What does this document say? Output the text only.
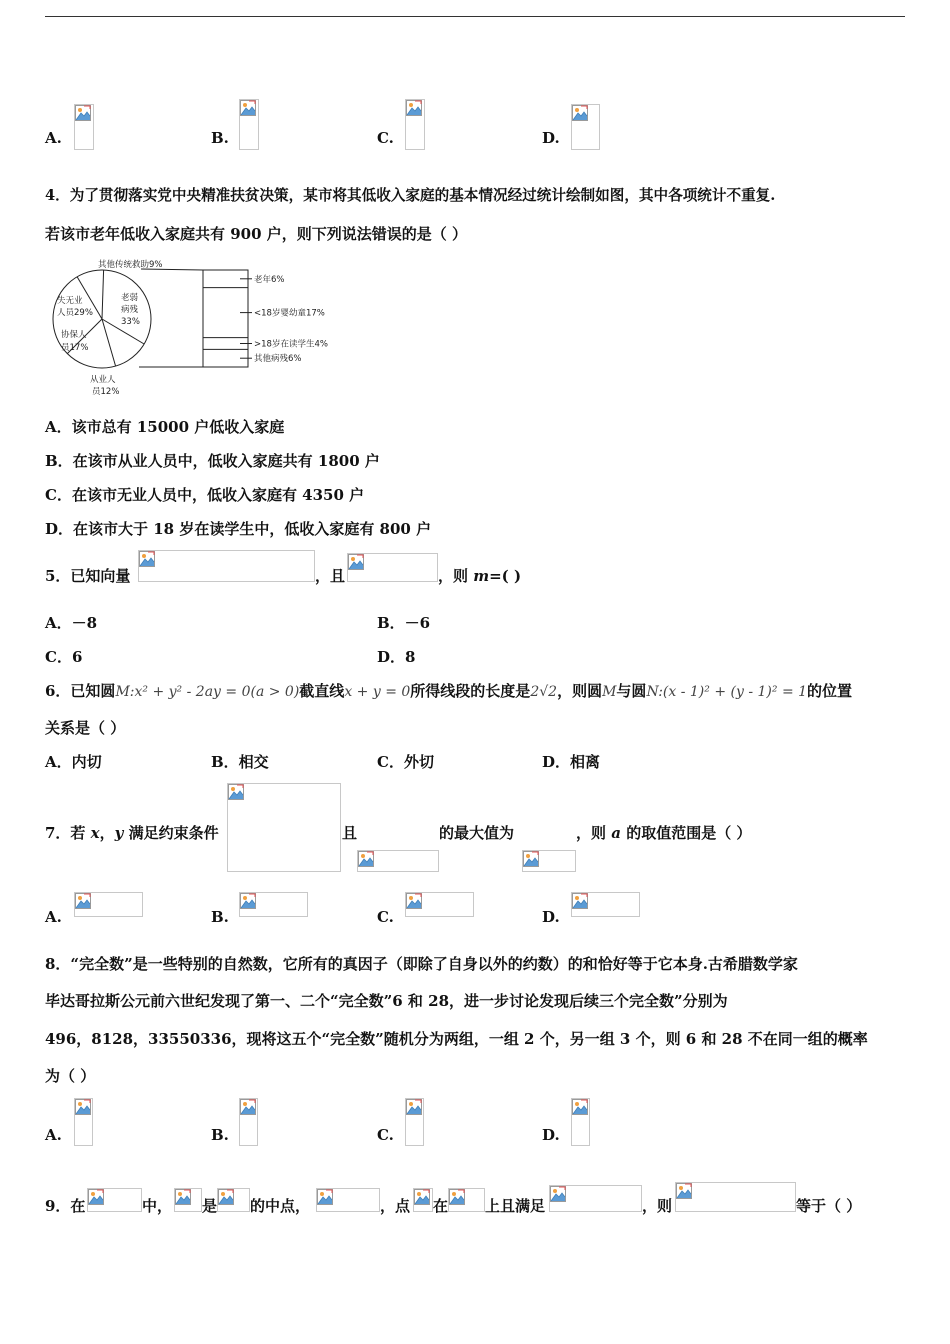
A.	B.	C.	D.
4．为了贯彻落实党中央精准扶贫决策，某市将其低收入家庭的基本情况经过统计绘制如图，其中各项统计不重复.
若该市老年低收入家庭共有 900 户，则下列说法错误的是（ ）
其他传统救助9%
老弱
病残
33%
失无业
人员29%
协保人
员17%
从业人
员12%
老年6%
<18岁婴幼童17%
>18岁在读学生4%
其他病残6%
A．该市总有 15000 户低收入家庭
B．在该市从业人员中，低收入家庭共有 1800 户
C．在该市无业人员中，低收入家庭有 4350 户
D．在该市大于 18 岁在读学生中，低收入家庭有 800 户
5．已知向量	，且	，则 m=( )
A．－8	B．－6
C．6	D．8
6．已知圆M:x² + y² - 2ay = 0(a > 0)截直线x + y = 0所得线段的长度是2√2，则圆M与圆N:(x - 1)² + (y - 1)² = 1的位置
关系是（ ）
A．内切	B．相交	C．外切	D．相离
7．若 x，y 满足约束条件	且	的最大值为	，则 a 的取值范围是（ ）
A.	B.	C.	D.
8．“完全数”是一些特别的自然数，它所有的真因子（即除了自身以外的约数）的和恰好等于它本身.古希腊数学家
毕达哥拉斯公元前六世纪发现了第一、二个“完全数”6 和 28，进一步讨论发现后续三个完全数”分别为
496，8128，33550336，现将这五个“完全数”随机分为两组，一组 2 个，另一组 3 个，则 6 和 28 不在同一组的概率
为（ ）
A.	B.	C.	D.
9．在	中， 是 的中点，	，点 在 上且满足	，则	等于（ ）
